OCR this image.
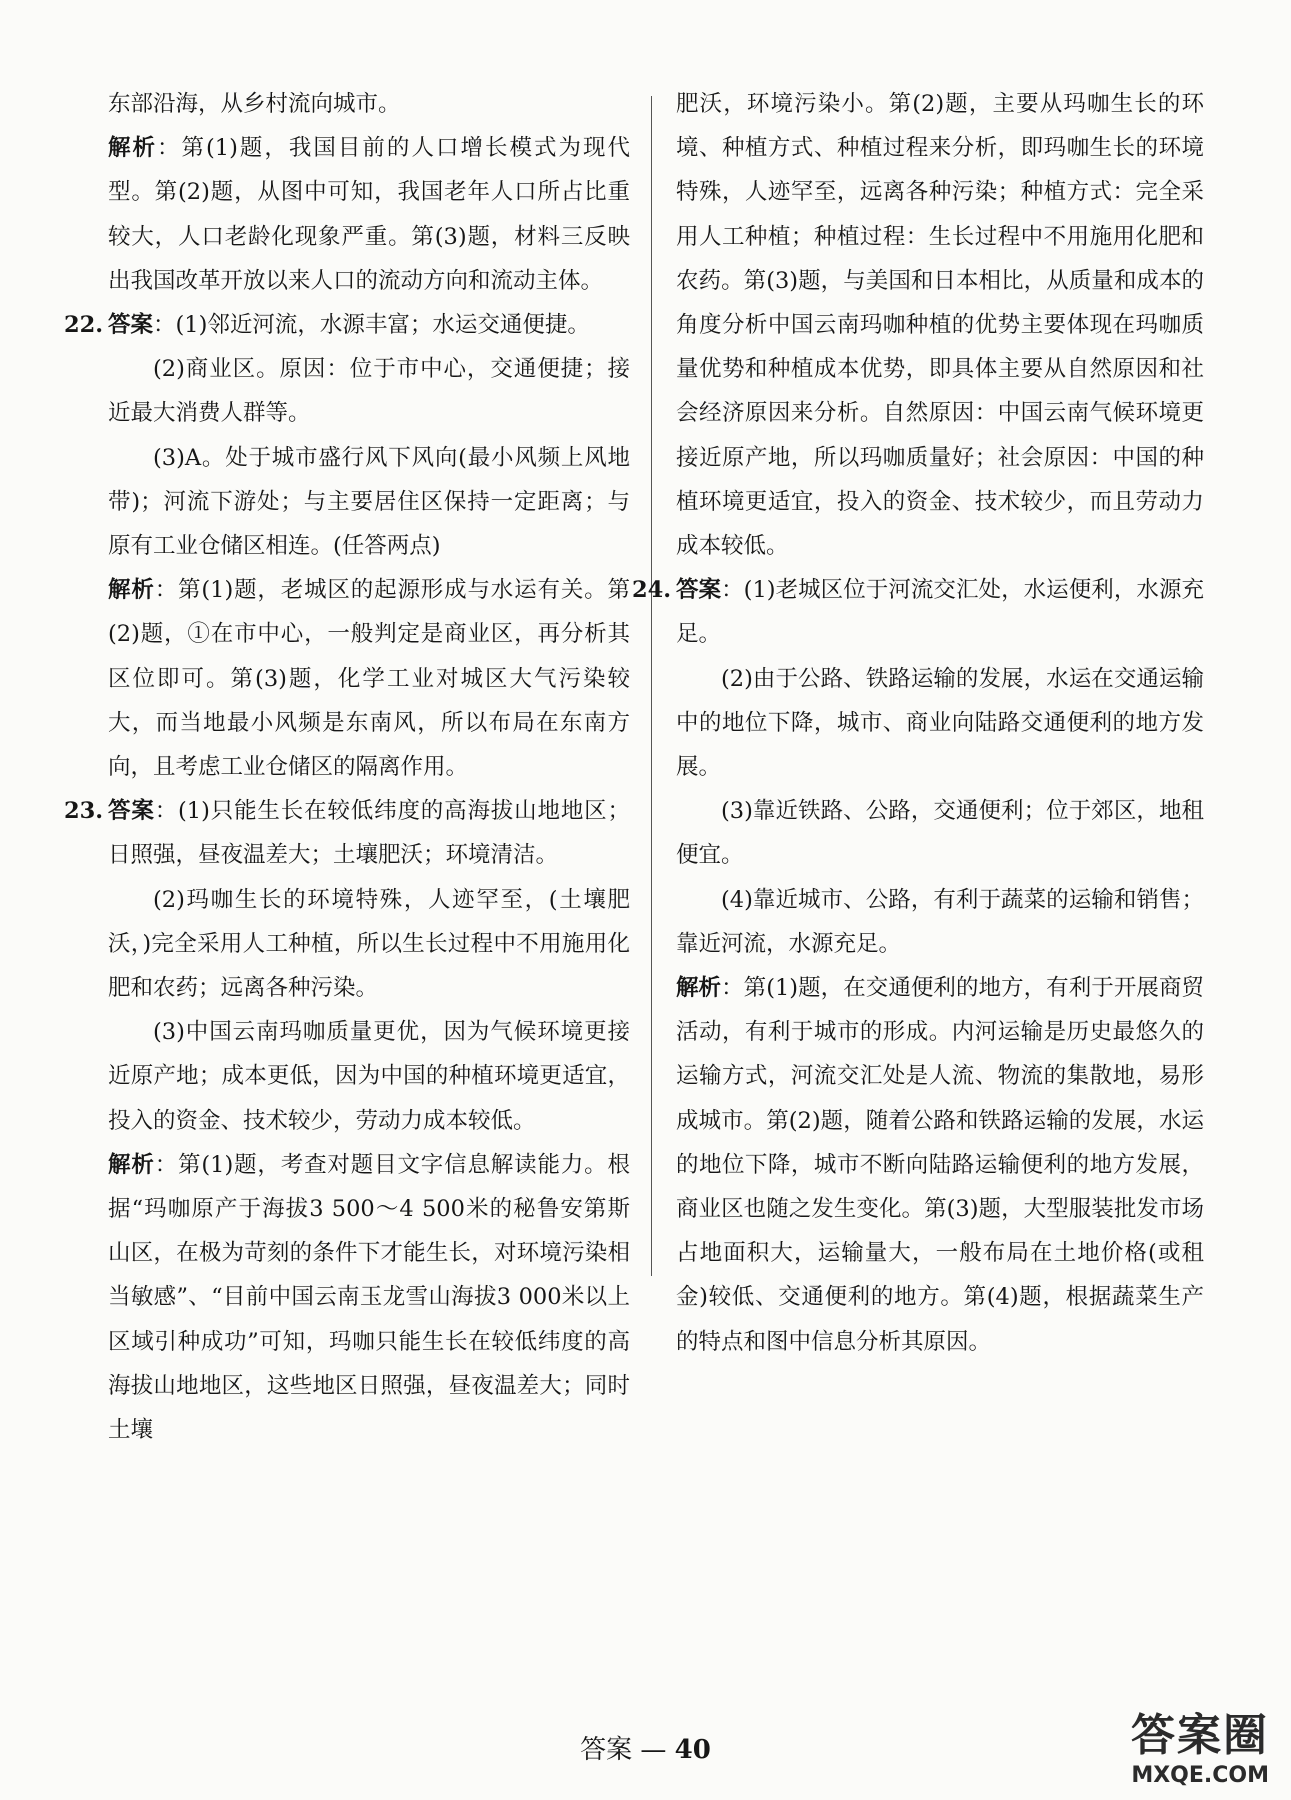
东部沿海，从乡村流向城市。

解析：第(1)题，我国目前的人口增长模式为现代型。第(2)题，从图中可知，我国老年人口所占比重较大，人口老龄化现象严重。第(3)题，材料三反映出我国改革开放以来人口的流动方向和流动主体。

22. 答案：(1)邻近河流，水源丰富；水运交通便捷。

(2)商业区。原因：位于市中心，交通便捷；接近最大消费人群等。

(3)A。处于城市盛行风下风向(最小风频上风地带)；河流下游处；与主要居住区保持一定距离；与原有工业仓储区相连。(任答两点)

解析：第(1)题，老城区的起源形成与水运有关。第(2)题，①在市中心，一般判定是商业区，再分析其区位即可。第(3)题，化学工业对城区大气污染较大，而当地最小风频是东南风，所以布局在东南方向，且考虑工业仓储区的隔离作用。

23. 答案：(1)只能生长在较低纬度的高海拔山地地区；日照强，昼夜温差大；土壤肥沃；环境清洁。

(2)玛咖生长的环境特殊，人迹罕至，(土壤肥沃，)完全采用人工种植，所以生长过程中不用施用化肥和农药；远离各种污染。

(3)中国云南玛咖质量更优，因为气候环境更接近原产地；成本更低，因为中国的种植环境更适宜，投入的资金、技术较少，劳动力成本较低。

解析：第(1)题，考查对题目文字信息解读能力。根据“玛咖原产于海拔3 500～4 500米的秘鲁安第斯山区，在极为苛刻的条件下才能生长，对环境污染相当敏感”、“目前中国云南玉龙雪山海拔3 000米以上区域引种成功”可知，玛咖只能生长在较低纬度的高海拔山地地区，这些地区日照强，昼夜温差大；同时土壤

肥沃，环境污染小。第(2)题，主要从玛咖生长的环境、种植方式、种植过程来分析，即玛咖生长的环境特殊，人迹罕至，远离各种污染；种植方式：完全采用人工种植；种植过程：生长过程中不用施用化肥和农药。第(3)题，与美国和日本相比，从质量和成本的角度分析中国云南玛咖种植的优势主要体现在玛咖质量优势和种植成本优势，即具体主要从自然原因和社会经济原因来分析。自然原因：中国云南气候环境更接近原产地，所以玛咖质量好；社会原因：中国的种植环境更适宜，投入的资金、技术较少，而且劳动力成本较低。

24. 答案：(1)老城区位于河流交汇处，水运便利，水源充足。

(2)由于公路、铁路运输的发展，水运在交通运输中的地位下降，城市、商业向陆路交通便利的地方发展。

(3)靠近铁路、公路，交通便利；位于郊区，地租便宜。

(4)靠近城市、公路，有利于蔬菜的运输和销售；靠近河流，水源充足。

解析：第(1)题，在交通便利的地方，有利于开展商贸活动，有利于城市的形成。内河运输是历史最悠久的运输方式，河流交汇处是人流、物流的集散地，易形成城市。第(2)题，随着公路和铁路运输的发展，水运的地位下降，城市不断向陆路运输便利的地方发展，商业区也随之发生变化。第(3)题，大型服装批发市场占地面积大，运输量大，一般布局在土地价格(或租金)较低、交通便利的地方。第(4)题，根据蔬菜生产的特点和图中信息分析其原因。

答案 — 40	答案圈
MXQE.COM
